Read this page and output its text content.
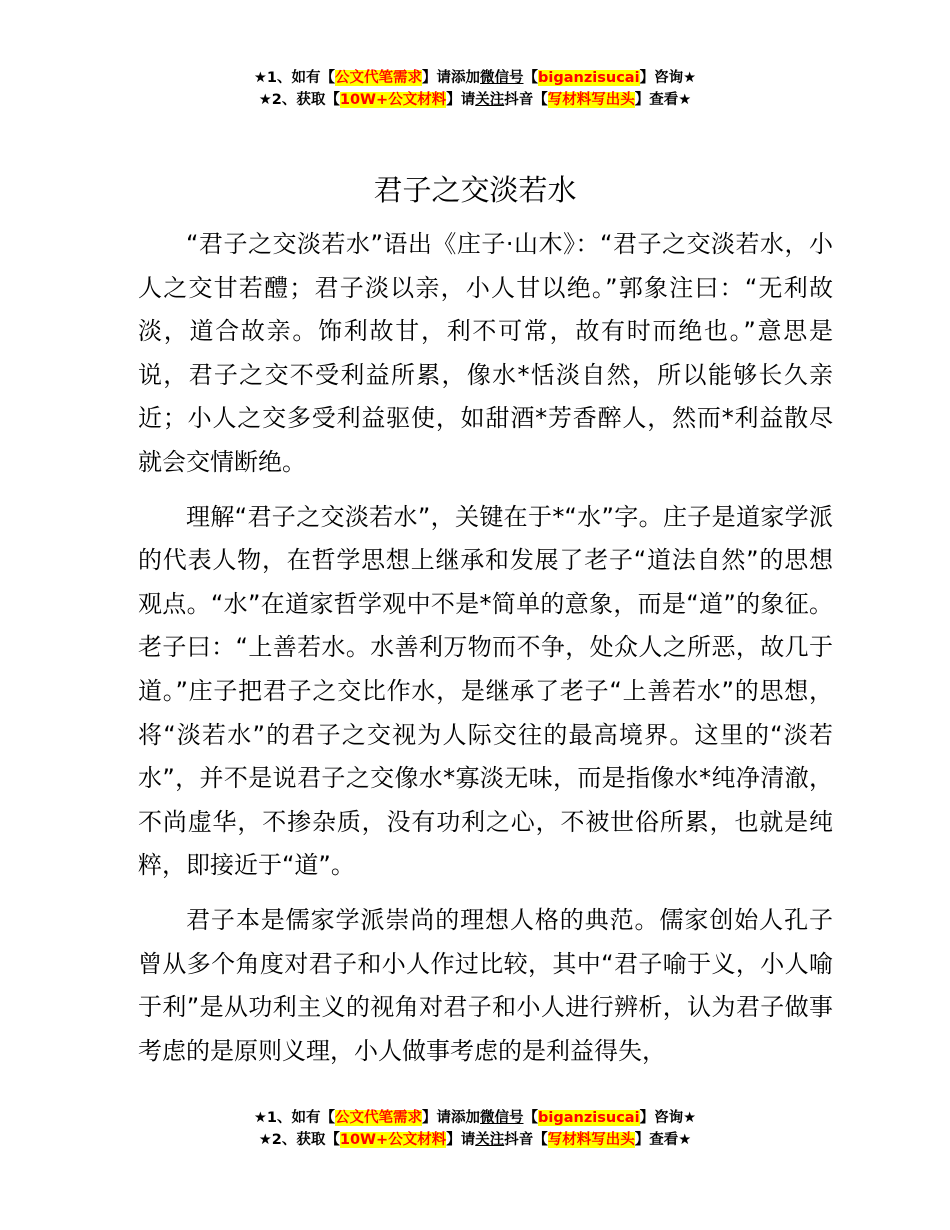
★1、如有【公文代笔需求】请添加微信号【biganzisucai】咨询★
★2、获取【10W+公文材料】请关注抖音【写材料写出头】查看★
君子之交淡若水

“君子之交淡若水”语出《庄子·山木》：“君子之交淡若水，小人之交甘若醴；君子淡以亲，小人甘以绝。”郭象注曰：“无利故淡，道合故亲。饰利故甘，利不可常，故有时而绝也。”意思是说，君子之交不受利益所累，像水*恬淡自然，所以能够长久亲近；小人之交多受利益驱使，如甜酒*芳香醉人，然而*利益散尽就会交情断绝。

理解“君子之交淡若水”，关键在于*“水”字。庄子是道家学派的代表人物，在哲学思想上继承和发展了老子“道法自然”的思想观点。“水”在道家哲学观中不是*简单的意象，而是“道”的象征。老子曰：“上善若水。水善利万物而不争，处众人之所恶，故几于道。”庄子把君子之交比作水，是继承了老子“上善若水”的思想，将“淡若水”的君子之交视为人际交往的最高境界。这里的“淡若水”，并不是说君子之交像水*寡淡无味，而是指像水*纯净清澈，不尚虚华，不掺杂质，没有功利之心，不被世俗所累，也就是纯粹，即接近于“道”。

君子本是儒家学派崇尚的理想人格的典范。儒家创始人孔子曾从多个角度对君子和小人作过比较，其中“君子喻于义，小人喻于利”是从功利主义的视角对君子和小人进行辨析，认为君子做事考虑的是原则义理，小人做事考虑的是利益得失，

★1、如有【公文代笔需求】请添加微信号【biganzisucai】咨询★
★2、获取【10W+公文材料】请关注抖音【写材料写出头】查看★
